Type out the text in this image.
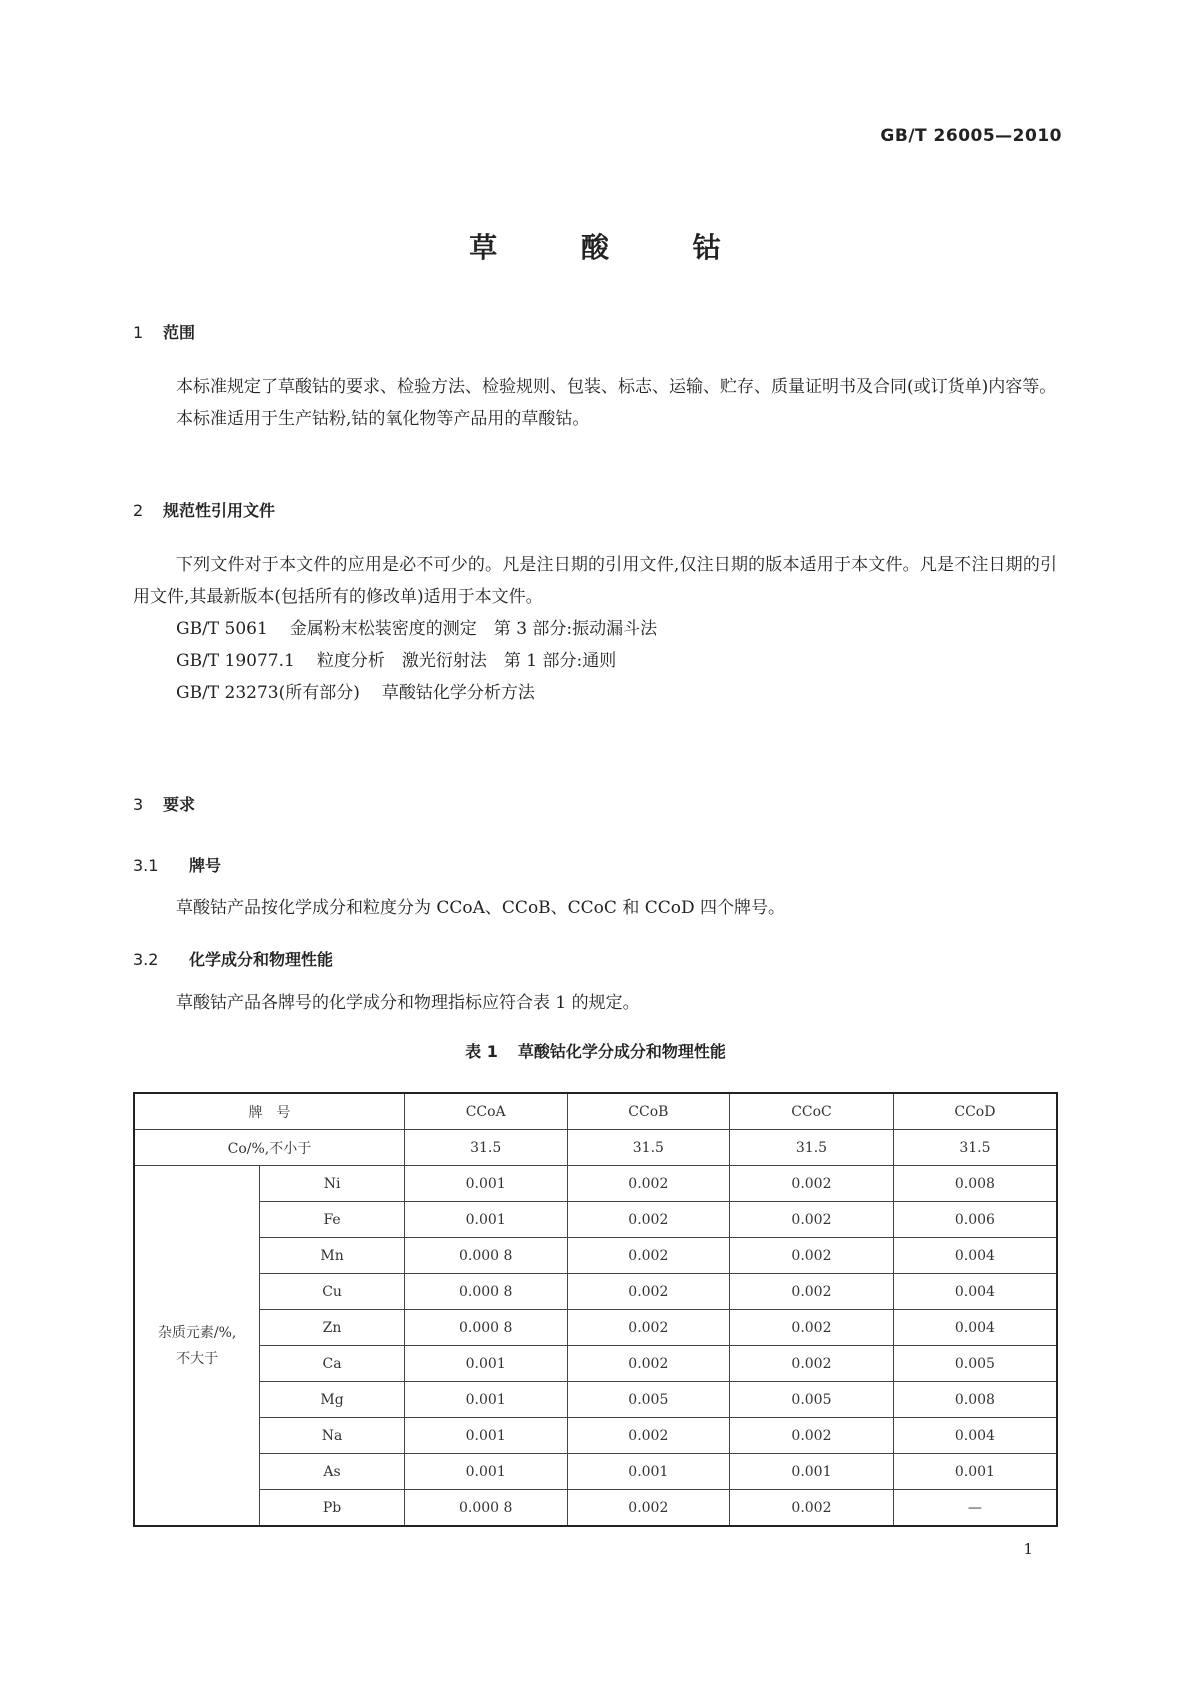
GB/T 26005—2010
草	酸	钴
1 范围

本标准规定了草酸钴的要求、检验方法、检验规则、包装、标志、运输、贮存、质量证明书及合同(或订货单)内容等。

本标准适用于生产钴粉,钴的氧化物等产品用的草酸钴。

2 规范性引用文件

下列文件对于本文件的应用是必不可少的。凡是注日期的引用文件,仅注日期的版本适用于本文件。凡是不注日期的引用文件,其最新版本(包括所有的修改单)适用于本文件。

GB/T 5061 金属粉末松装密度的测定　第 3 部分:振动漏斗法
GB/T 19077.1 粒度分析　激光衍射法　第 1 部分:通则
GB/T 23273(所有部分) 草酸钴化学分析方法
3 要求
3.1 牌号

草酸钴产品按化学成分和粒度分为 CCoA、CCoB、CCoC 和 CCoD 四个牌号。

3.2 化学成分和物理性能

草酸钴产品各牌号的化学成分和物理指标应符合表 1 的规定。

表 1 草酸钴化学分成分和物理性能
牌　号		CCoA	CCoB	CCoC	CCoD
Co/%,不小于		31.5	31.5	31.5	31.5

杂质元素/%,
不大于	Ni	0.001	0.002	0.002	0.008
	Fe	0.001	0.002	0.002	0.006
	Mn	0.000 8	0.002	0.002	0.004
	Cu	0.000 8	0.002	0.002	0.004
	Zn	0.000 8	0.002	0.002	0.004
	Ca	0.001	0.002	0.002	0.005
	Mg	0.001	0.005	0.005	0.008
	Na	0.001	0.002	0.002	0.004
	As	0.001	0.001	0.001	0.001
	Pb	0.000 8	0.002	0.002	—
1
